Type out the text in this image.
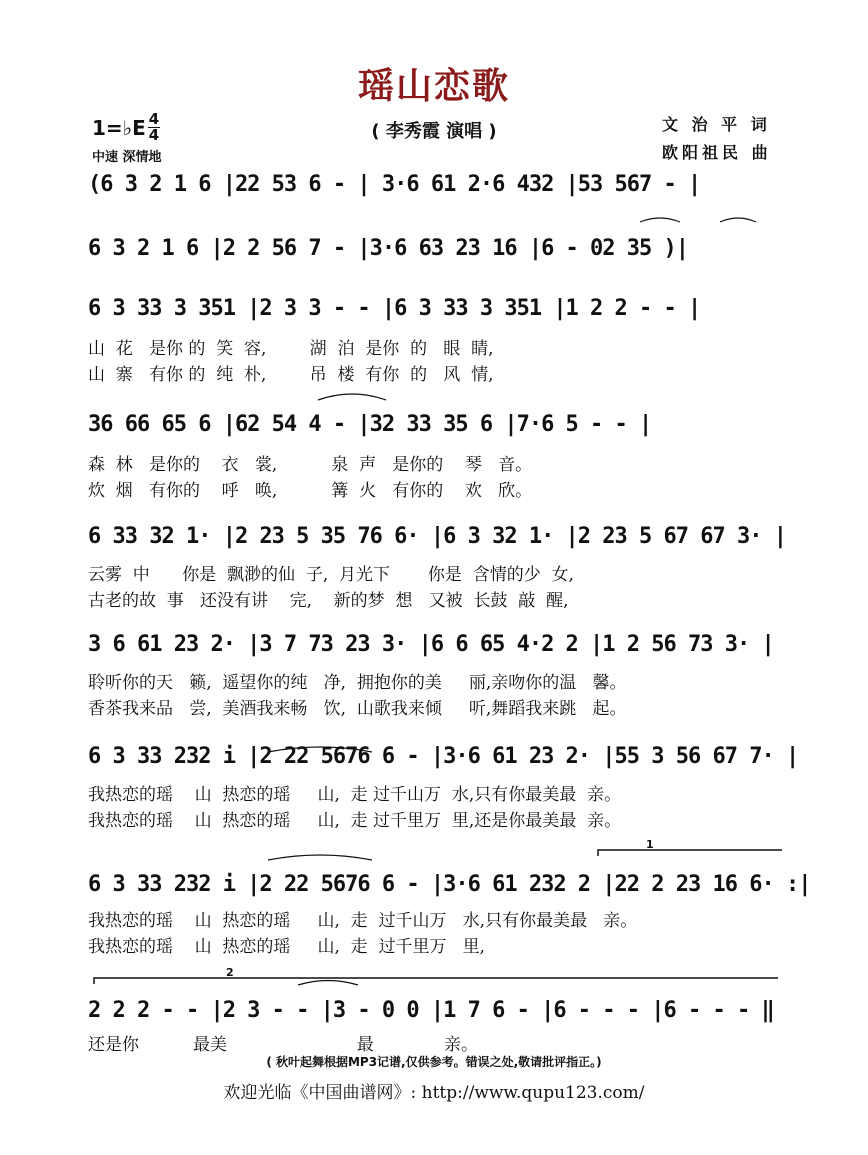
瑶山恋歌
( 李秀霞 演唱 )
1=♭E 4
4
中速 深情地
文 治 平 词
欧阳祖民 曲
(6 3 2 1 6 |22 53 6 - | 3·6 61 2·6 432 |53 567 - |
6 3 2 1 6 |2 2 56 7 - |3·6 63 23 16 |6 - 02 35 )|
6 3 33 3 351 |2 3 3 - - |6 3 33 3 351 |1 2 2 - - |
山  花   是你 的  笑  容,        湖  泊  是你  的   眼  睛,
山  寨   有你 的  纯  朴,        吊  楼  有你  的   风  情,
36 66 65 6 |62 54 4 - |32 33 35 6 |7·6 5 - - |
森  林   是你的    衣   裳,          泉  声   是你的    琴   音。
炊  烟   有你的    呼   唤,          篝  火   有你的    欢   欣。
6 33 32 1· |2 23 5 35 76 6· |6 3 32 1· |2 23 5 67 67 3· |
云雾  中      你是  飘渺的仙  子,  月光下       你是  含情的少  女,
古老的故  事   还没有讲    完,    新的梦  想   又被  长鼓  敲  醒,
3 6 61 23 2· |3 7 73 23 3· |6 6 65 4·2 2 |1 2 56 73 3· |
聆听你的天   籁,  遥望你的纯   净,  拥抱你的美     丽,亲吻你的温   馨。
香茶我来品   尝,  美酒我来畅   饮,  山歌我来倾     听,舞蹈我来跳   起。
6 3 33 232 i |2 22 5676 6 - |3·6 61 23 2· |55 3 56 67 7· |
我热恋的瑶    山  热恋的瑶     山,  走 过千山万  水,只有你最美最  亲。
我热恋的瑶    山  热恋的瑶     山,  走 过千里万  里,还是你最美最  亲。
1
6 3 33 232 i |2 22 5676 6 - |3·6 61 232 2 |22 2 23 16 6· :|
我热恋的瑶    山  热恋的瑶     山,  走  过千山万   水,只有你最美最   亲。
我热恋的瑶    山  热恋的瑶     山,  走  过千里万   里,
2
2 2 2 - - |2 3 - - |3 - 0 0 |1 7 6 - |6 - - - |6 - - - ‖
还是你          最美                        最             亲。
( 秋叶起舞根据MP3记谱,仅供参考。错误之处,敬请批评指正。)
欢迎光临《中国曲谱网》: http://www.qupu123.com/
